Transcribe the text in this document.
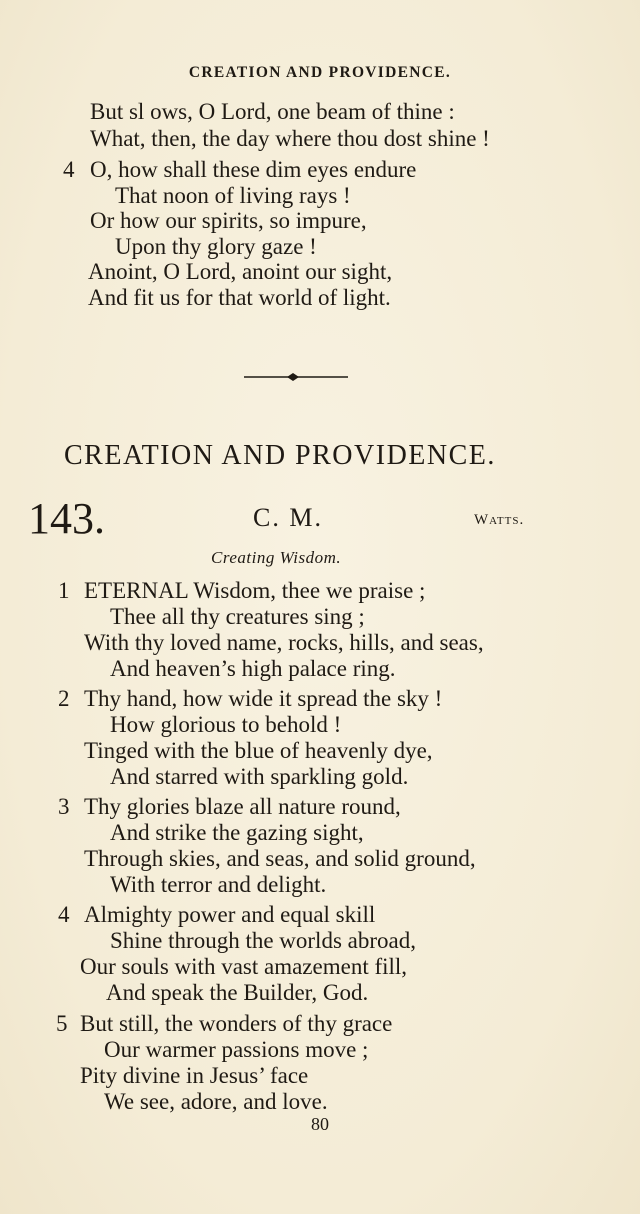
CREATION AND PROVIDENCE.
But sl ows, O Lord, one beam of thine :
What, then, the day where thou dost shine !
4 O, how shall these dim eyes endure
That noon of living rays !
Or how our spirits, so impure,
Upon thy glory gaze !
Anoint, O Lord, anoint our sight,
And fit us for that world of light.
CREATION AND PROVIDENCE.
143.	C. M.	Watts.
Creating Wisdom.
1 ETERNAL Wisdom, thee we praise ;
Thee all thy creatures sing ;
With thy loved name, rocks, hills, and seas,
And heaven’s high palace ring.
2 Thy hand, how wide it spread the sky !
How glorious to behold !
Tinged with the blue of heavenly dye,
And starred with sparkling gold.
3 Thy glories blaze all nature round,
And strike the gazing sight,
Through skies, and seas, and solid ground,
With terror and delight.
4 Almighty power and equal skill
Shine through the worlds abroad,
Our souls with vast amazement fill,
And speak the Builder, God.
5 But still, the wonders of thy grace
Our warmer passions move ;
Pity divine in Jesus’ face
We see, adore, and love.
80
